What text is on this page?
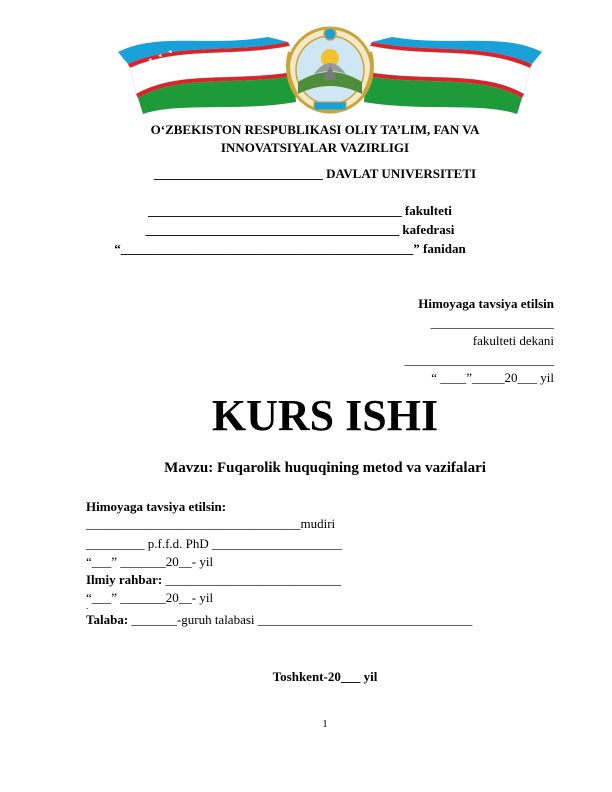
O‘ZBEKISTON RESPUBLIKASI OLIY TA’LIM, FAN VA
INNOVATSIYALAR VAZIRLIGI
__________________________ DAVLAT UNIVERSITETI
_______________________________________ fakulteti
_______________________________________ kafedrasi
“_____________________________________________” fanidan
Himoyaga tavsiya etilsin
___________________
fakulteti dekani
_______________________
“ ____”_____20___ yil
KURS ISHI
Mavzu: Fuqarolik huquqining metod va vazifalari
Himoyaga tavsiya etilsin:
_________________________________mudiri
_________ p.f.f.d. PhD ____________________
“___” _______20__- yil
Ilmiy rahbar: ___________________________
“___” _______20__- yil
-
Talaba: _______-guruh talabasi _________________________________
Toshkent-20___ yil
1
